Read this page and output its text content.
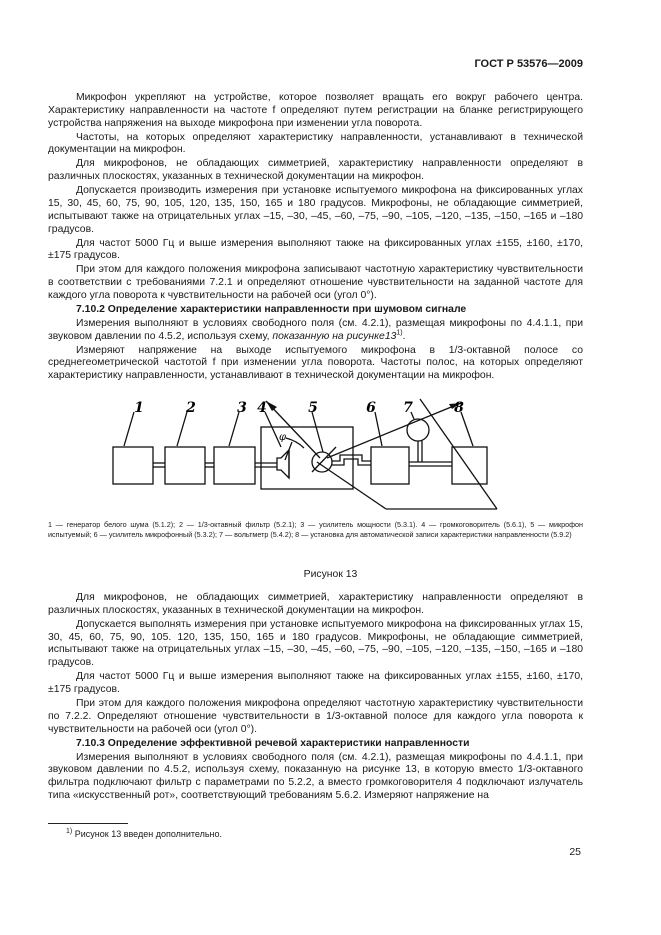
ГОСТ Р 53576—2009

Микрофон укрепляют на устройстве, которое позволяет вращать его вокруг рабочего центра. Характеристику направленности на частоте f определяют путем регистрации на бланке регистрирующего устройства напряжения на выходе микрофона при изменении угла поворота.

Частоты, на которых определяют характеристику направленности, устанавливают в технической документации на микрофон.

Для микрофонов, не обладающих симметрией, характеристику направленности определяют в различных плоскостях, указанных в технической документации на микрофон.

Допускается производить измерения при установке испытуемого микрофона на фиксированных углах 15, 30, 45, 60, 75, 90, 105, 120, 135, 150, 165 и 180 градусов. Микрофоны, не обладающие симметрией, испытывают также на отрицательных углах –15, –30, –45, –60, –75, –90, –105, –120, –135, –150, –165 и –180 градусов.

Для частот 5000 Гц и выше измерения выполняют также на фиксированных углах ±155, ±160, ±170, ±175 градусов.

При этом для каждого положения микрофона записывают частотную характеристику чувствительности в соответствии с требованиями 7.2.1 и определяют отношение чувствительности на заданной частоте для каждого угла поворота к чувствительности на рабочей оси (угол 0°).

7.10.2 Определение характеристики направленности при шумовом сигнале

Измерения выполняют в условиях свободного поля (см. 4.2.1), размещая микрофоны по 4.4.1.1, при звуковом давлении по 4.5.2, используя схему, показанную на рисунке13$^{1)}$.

Измеряют напряжение на выходе испытуемого микрофона в 1/3-октавной полосе со среднегеометрической частотой f при изменении угла поворота. Частоты полос, на которых определяют характеристику направленности, устанавливают в технической документации на микрофон.

1	2	3 4	5	6 7	8
φ
1 — генератор белого шума (5.1.2); 2 — 1/3-октавный фильтр (5.2.1); 3 — усилитель мощности (5.3.1). 4 — громкоговоритель (5.6.1), 5 — микрофон испытуемый; 6 — усилитель микрофонный (5.3.2); 7 — вольтметр (5.4.2); 8 — установка для автоматической записи характеристики направленности (5.9.2)
Рисунок 13

Для микрофонов, не обладающих симметрией, характеристику направленности определяют в различных плоскостях, указанных в технической документации на микрофон.

Допускается выполнять измерения при установке испытуемого микрофона на фиксированных углах 15, 30, 45, 60, 75, 90, 105. 120, 135, 150, 165 и 180 градусов. Микрофоны, не обладающие симметрией, испытывают также на отрицательных углах –15, –30, –45, –60, –75, –90, –105, –120, –135, –150, –165 и –180 градусов.

Для частот 5000 Гц и выше измерения выполняют также на фиксированных углах ±155, ±160, ±170, ±175 градусов.

При этом для каждого положения микрофона определяют частотную характеристику чувствительности по 7.2.2. Определяют отношение чувствительности в 1/3-октавной полосе для каждого угла поворота к чувствительности на рабочей оси (угол 0°).

7.10.3 Определение эффективной речевой характеристики направленности

Измерения выполняют в условиях свободного поля (см. 4.2.1), размещая микрофоны по 4.4.1.1, при звуковом давлении по 4.5.2, используя схему, показанную на рисунке 13, в которую вместо 1/3-октавного фильтра подключают фильтр с параметрами по 5.2.2, а вместо громкоговорителя 4 подключают излучатель типа «искусственный рот», соответствующий требованиям 5.6.2. Измеряют напряжение на

$^{1)}$ Рисунок 13 введен дополнительно.
25
